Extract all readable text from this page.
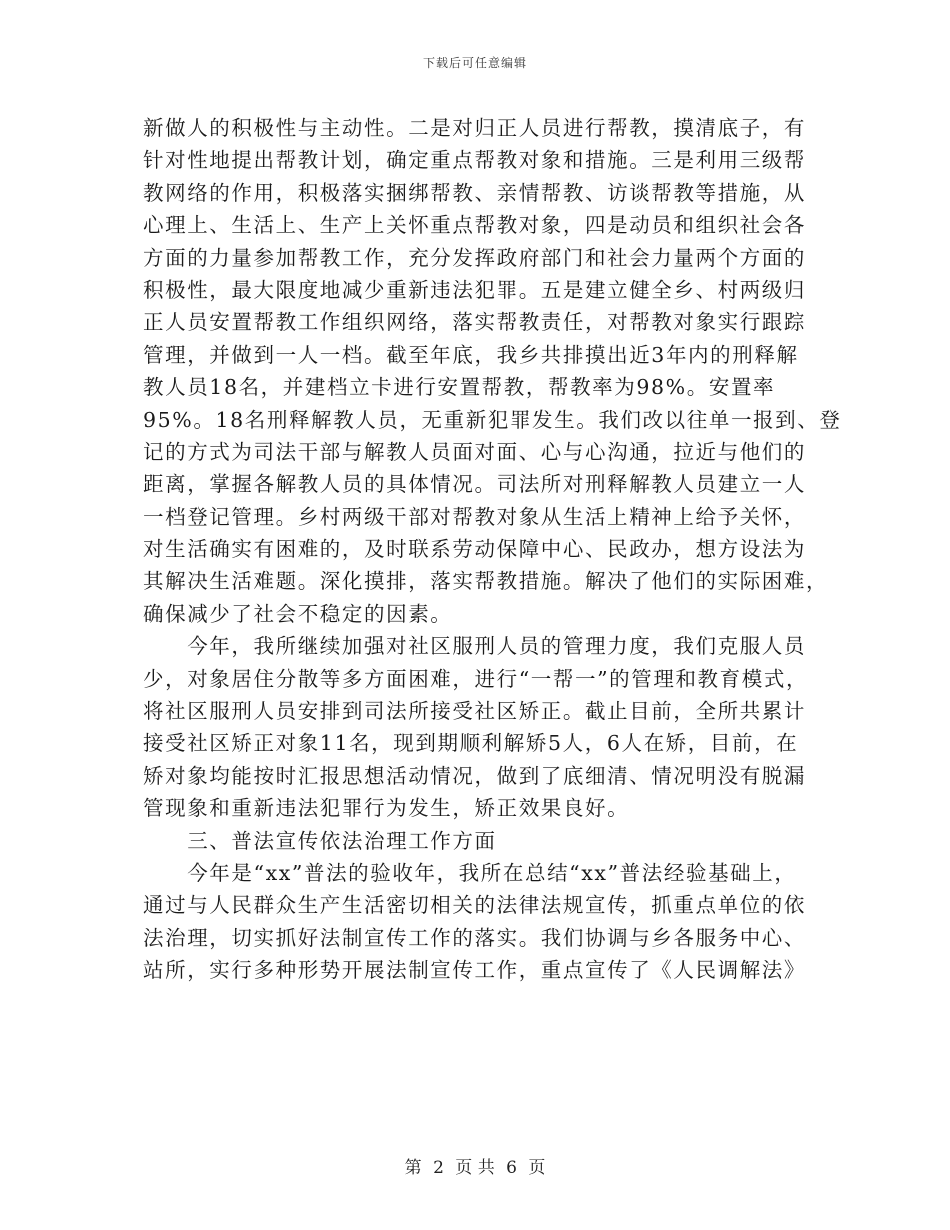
下载后可任意编辑
新做人的积极性与主动性。二是对归正人员进行帮教，摸清底子，有
针对性地提出帮教计划，确定重点帮教对象和措施。三是利用三级帮
教网络的作用，积极落实捆绑帮教、亲情帮教、访谈帮教等措施，从
心理上、生活上、生产上关怀重点帮教对象，四是动员和组织社会各
方面的力量参加帮教工作，充分发挥政府部门和社会力量两个方面的
积极性，最大限度地减少重新违法犯罪。五是建立健全乡、村两级归
正人员安置帮教工作组织网络，落实帮教责任，对帮教对象实行跟踪
管理，并做到一人一档。截至年底，我乡共排摸出近3年内的刑释解
教人员18名，并建档立卡进行安置帮教，帮教率为98%。安置率
95%。18名刑释解教人员，无重新犯罪发生。我们改以往单一报到、登
记的方式为司法干部与解教人员面对面、心与心沟通，拉近与他们的
距离，掌握各解教人员的具体情况。司法所对刑释解教人员建立一人
一档登记管理。乡村两级干部对帮教对象从生活上精神上给予关怀，
对生活确实有困难的，及时联系劳动保障中心、民政办，想方设法为
其解决生活难题。深化摸排，落实帮教措施。解决了他们的实际困难，
确保减少了社会不稳定的因素。
　　今年，我所继续加强对社区服刑人员的管理力度，我们克服人员
少，对象居住分散等多方面困难，进行“一帮一”的管理和教育模式，
将社区服刑人员安排到司法所接受社区矫正。截止目前，全所共累计
接受社区矫正对象11名，现到期顺利解矫5人，6人在矫，目前，在
矫对象均能按时汇报思想活动情况，做到了底细清、情况明没有脱漏
管现象和重新违法犯罪行为发生，矫正效果良好。
　　三、普法宣传依法治理工作方面
　　今年是“xx”普法的验收年，我所在总结“xx”普法经验基础上，
通过与人民群众生产生活密切相关的法律法规宣传，抓重点单位的依
法治理，切实抓好法制宣传工作的落实。我们协调与乡各服务中心、
站所，实行多种形势开展法制宣传工作，重点宣传了《人民调解法》
第 2 页 共 6 页
